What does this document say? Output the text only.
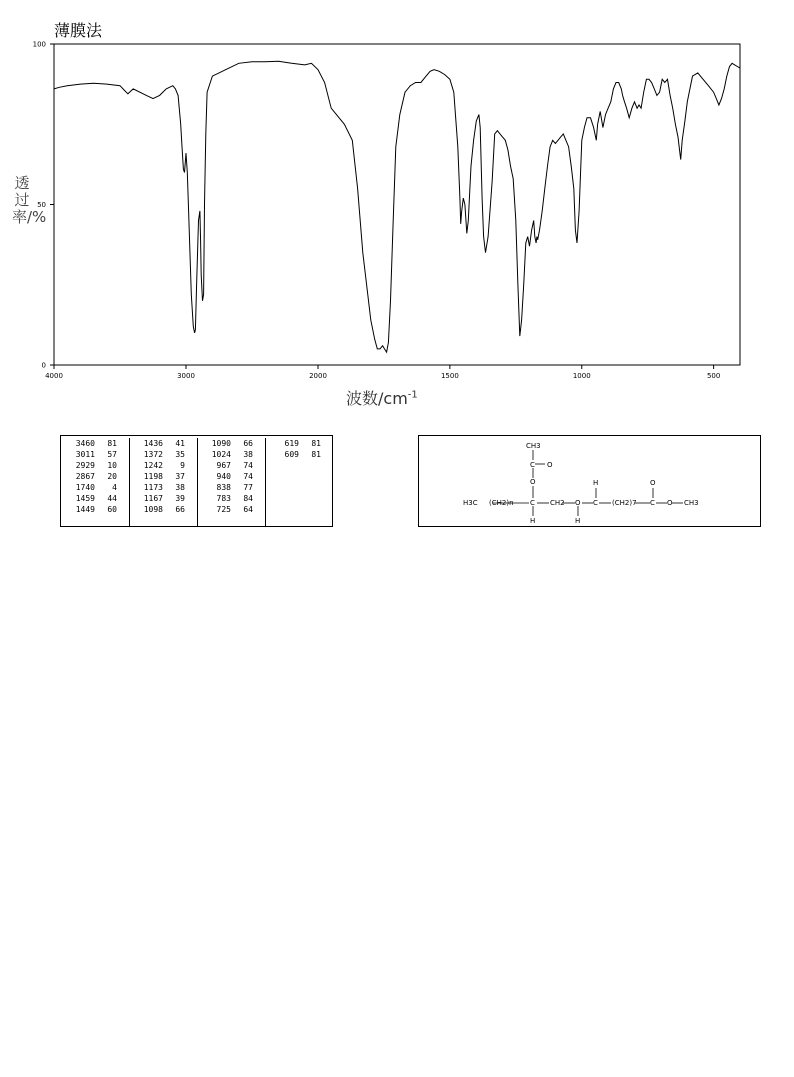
薄膜法
4000	3000	2000	1500	1000	500
0
50
100
透过率/%
波数$/cm^{-1}$
3460 81
3011 57
2929 10
2867 20
1740 4
1459 44
1449 60
1436 41
1372 35
1242 9
1198 37
1173 38
1167 39
1098 66
1090 66
1024 38
967 74
940 74
838 77
783 84
725 64
619 81
609 81
CH3
C O
O
H3C (CH2)n C
H
CH2 O
H
H
C (CH2)7
O
C O CH3
